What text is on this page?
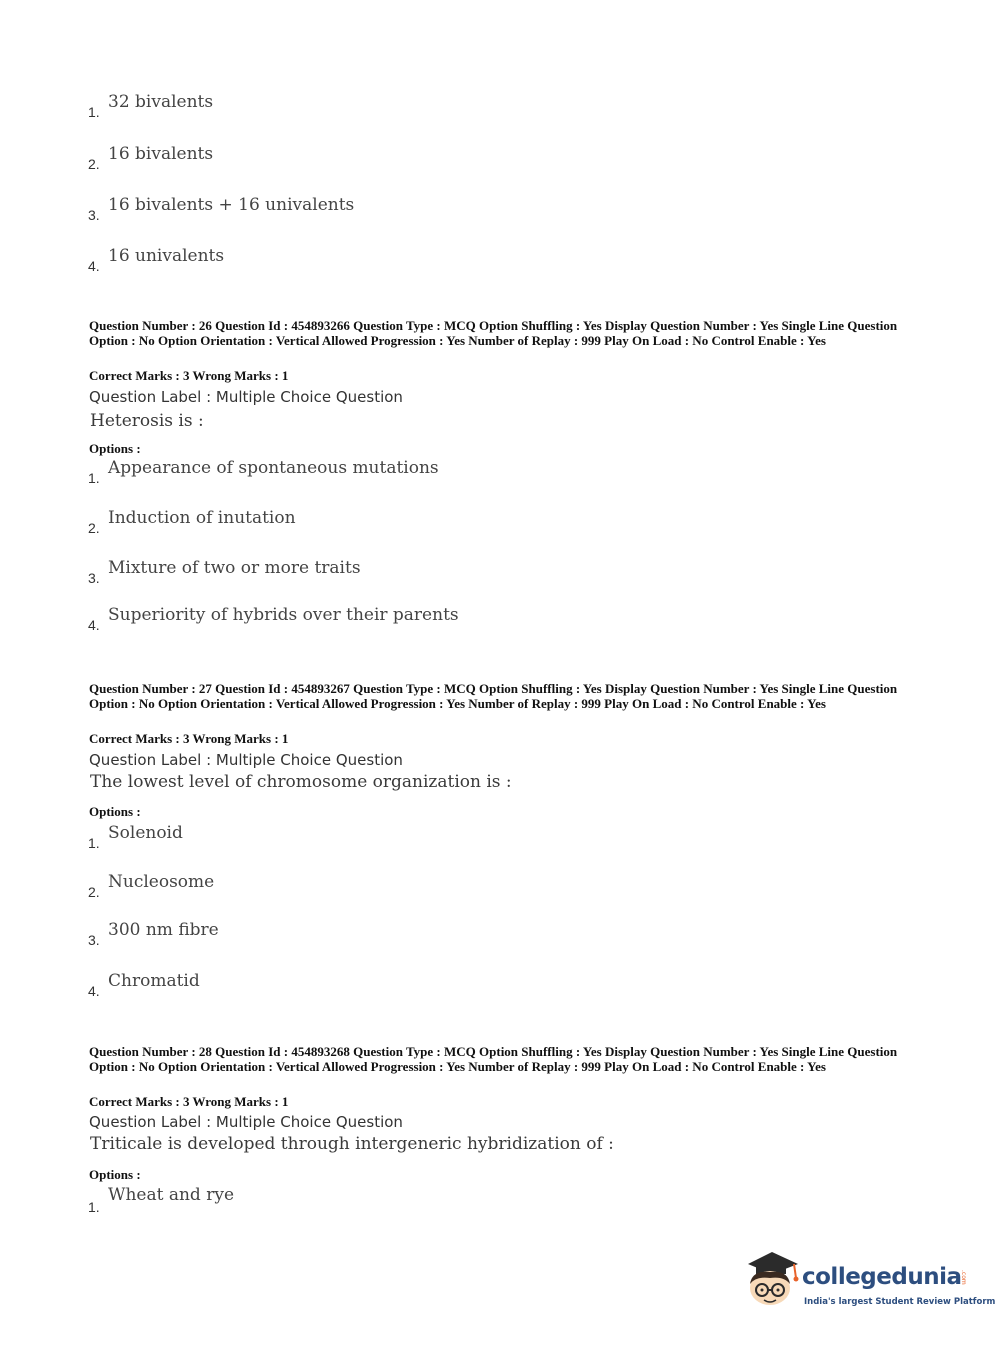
1. 32 bivalents
2. 16 bivalents
3. 16 bivalents + 16 univalents
4. 16 univalents
Question Number : 26 Question Id : 454893266 Question Type : MCQ Option Shuffling : Yes Display Question Number : Yes Single Line Question Option : No Option Orientation : Vertical Allowed Progression : Yes Number of Replay : 999 Play On Load : No Control Enable : Yes
Correct Marks : 3 Wrong Marks : 1
Question Label : Multiple Choice Question
Heterosis is :
Options :
1. Appearance of spontaneous mutations
2. Induction of inutation
3. Mixture of two or more traits
4. Superiority of hybrids over their parents
Question Number : 27 Question Id : 454893267 Question Type : MCQ Option Shuffling : Yes Display Question Number : Yes Single Line Question Option : No Option Orientation : Vertical Allowed Progression : Yes Number of Replay : 999 Play On Load : No Control Enable : Yes
Correct Marks : 3 Wrong Marks : 1
Question Label : Multiple Choice Question
The lowest level of chromosome organization is :
Options :
1. Solenoid
2. Nucleosome
3. 300 nm fibre
4. Chromatid
Question Number : 28 Question Id : 454893268 Question Type : MCQ Option Shuffling : Yes Display Question Number : Yes Single Line Question Option : No Option Orientation : Vertical Allowed Progression : Yes Number of Replay : 999 Play On Load : No Control Enable : Yes
Correct Marks : 3 Wrong Marks : 1
Question Label : Multiple Choice Question
Triticale is developed through intergeneric hybridization of :
Options :
1.
Wheat and rye
collegedunia
.com
India's largest Student Review Platform
